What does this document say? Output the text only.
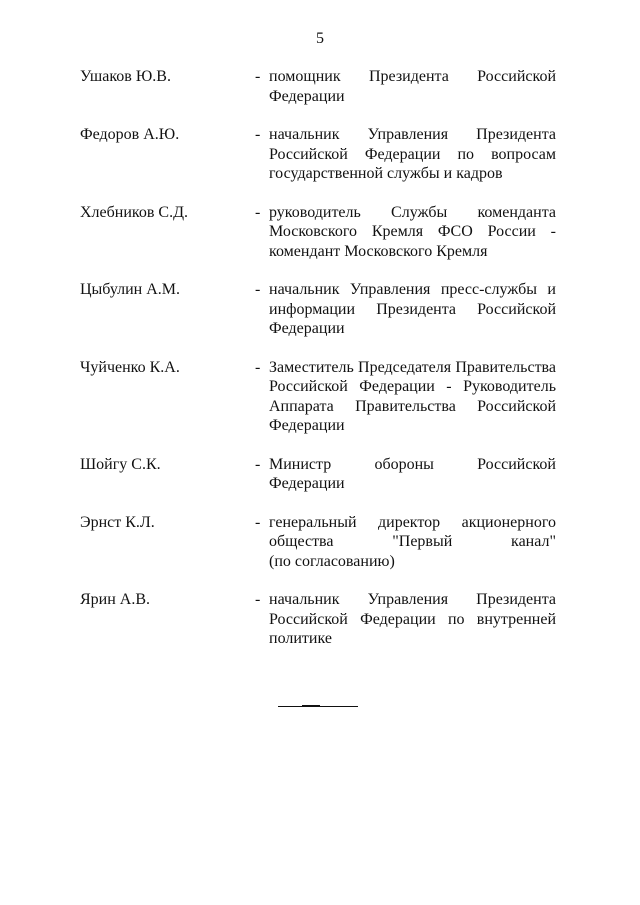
5
Ушаков Ю.В.	- помощник Президента Российской
Федерации
Федоров А.Ю.	- начальник Управления Президента
Российской Федерации по вопросам
государственной службы и кадров
Хлебников С.Д.	- руководитель Службы коменданта
Московского Кремля ФСО России -
комендант Московского Кремля
Цыбулин А.М.	- начальник Управления пресс-службы и
информации Президента Российской
Федерации
Чуйченко К.А.	- Заместитель Председателя Правительства
Российской Федерации - Руководитель
Аппарата Правительства Российской
Федерации
Шойгу С.К.	- Министр обороны Российской
Федерации
Эрнст К.Л.	- генеральный директор акционерного
общества "Первый канал"
(по согласованию)
Ярин А.В.	- начальник Управления Президента
Российской Федерации по внутренней
политике
